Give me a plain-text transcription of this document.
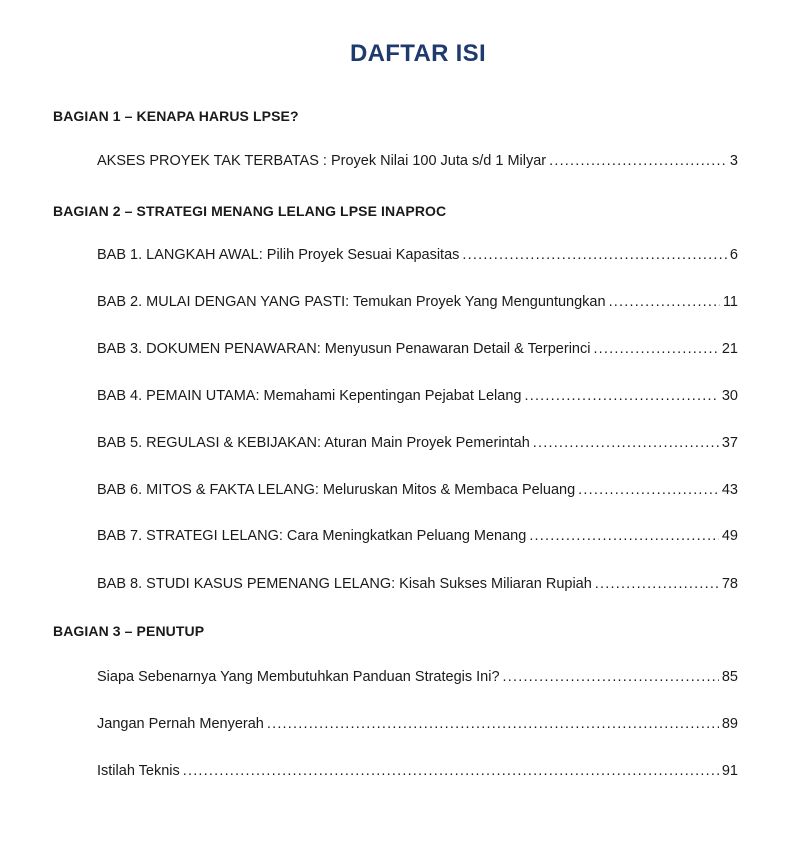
DAFTAR ISI
BAGIAN 1 – KENAPA HARUS LPSE?
AKSES PROYEK TAK TERBATAS : Proyek Nilai 100 Juta s/d 1 Milyar .....	3
BAGIAN 2 – STRATEGI MENANG LELANG LPSE INAPROC
BAB 1. LANGKAH AWAL: Pilih Proyek Sesuai Kapasitas .....	6
BAB 2. MULAI DENGAN YANG PASTI: Temukan Proyek Yang Menguntungkan .....	11
BAB 3. DOKUMEN PENAWARAN: Menyusun Penawaran Detail & Terperinci .....	21
BAB 4. PEMAIN UTAMA: Memahami Kepentingan Pejabat Lelang .....	30
BAB 5. REGULASI & KEBIJAKAN: Aturan Main Proyek Pemerintah .....	37
BAB 6. MITOS & FAKTA LELANG: Meluruskan Mitos & Membaca Peluang .....	43
BAB 7. STRATEGI LELANG: Cara Meningkatkan Peluang Menang .....	49
BAB 8. STUDI KASUS PEMENANG LELANG: Kisah Sukses Miliaran Rupiah .....	78
BAGIAN 3 – PENUTUP
Siapa Sebenarnya Yang Membutuhkan Panduan Strategis Ini? .....	85
Jangan Pernah Menyerah .....	89
Istilah Teknis .....	91
